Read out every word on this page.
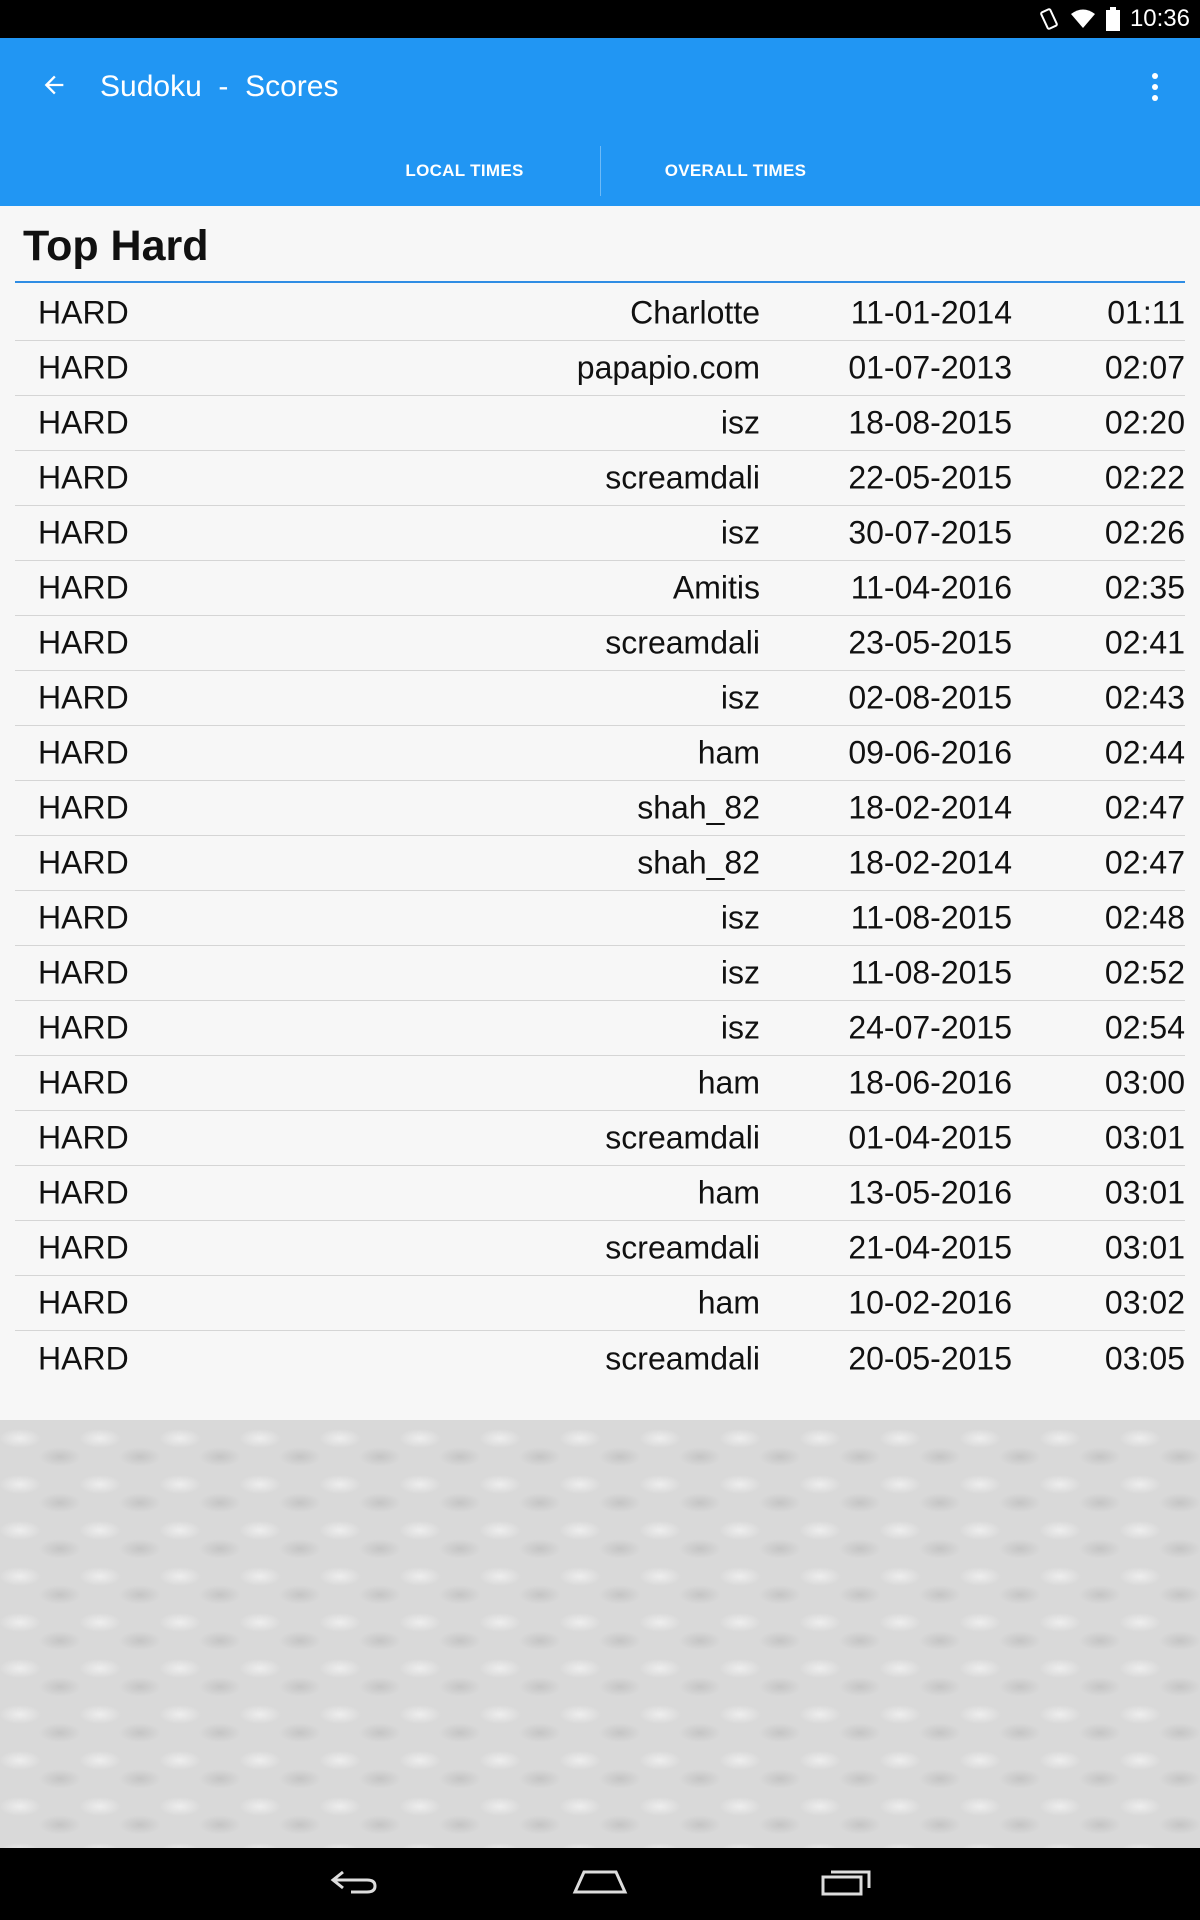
10:36
Sudoku  -  Scores
LOCAL TIMES	OVERALL TIMES
Top Hard
HARD	Charlotte	11-01-2014	01:11
HARD	papapio.com	01-07-2013	02:07
HARD	isz	18-08-2015	02:20
HARD	screamdali	22-05-2015	02:22
HARD	isz	30-07-2015	02:26
HARD	Amitis	11-04-2016	02:35
HARD	screamdali	23-05-2015	02:41
HARD	isz	02-08-2015	02:43
HARD	ham	09-06-2016	02:44
HARD	shah_82	18-02-2014	02:47
HARD	shah_82	18-02-2014	02:47
HARD	isz	11-08-2015	02:48
HARD	isz	11-08-2015	02:52
HARD	isz	24-07-2015	02:54
HARD	ham	18-06-2016	03:00
HARD	screamdali	01-04-2015	03:01
HARD	ham	13-05-2016	03:01
HARD	screamdali	21-04-2015	03:01
HARD	ham	10-02-2016	03:02
HARD	screamdali	20-05-2015	03:05
